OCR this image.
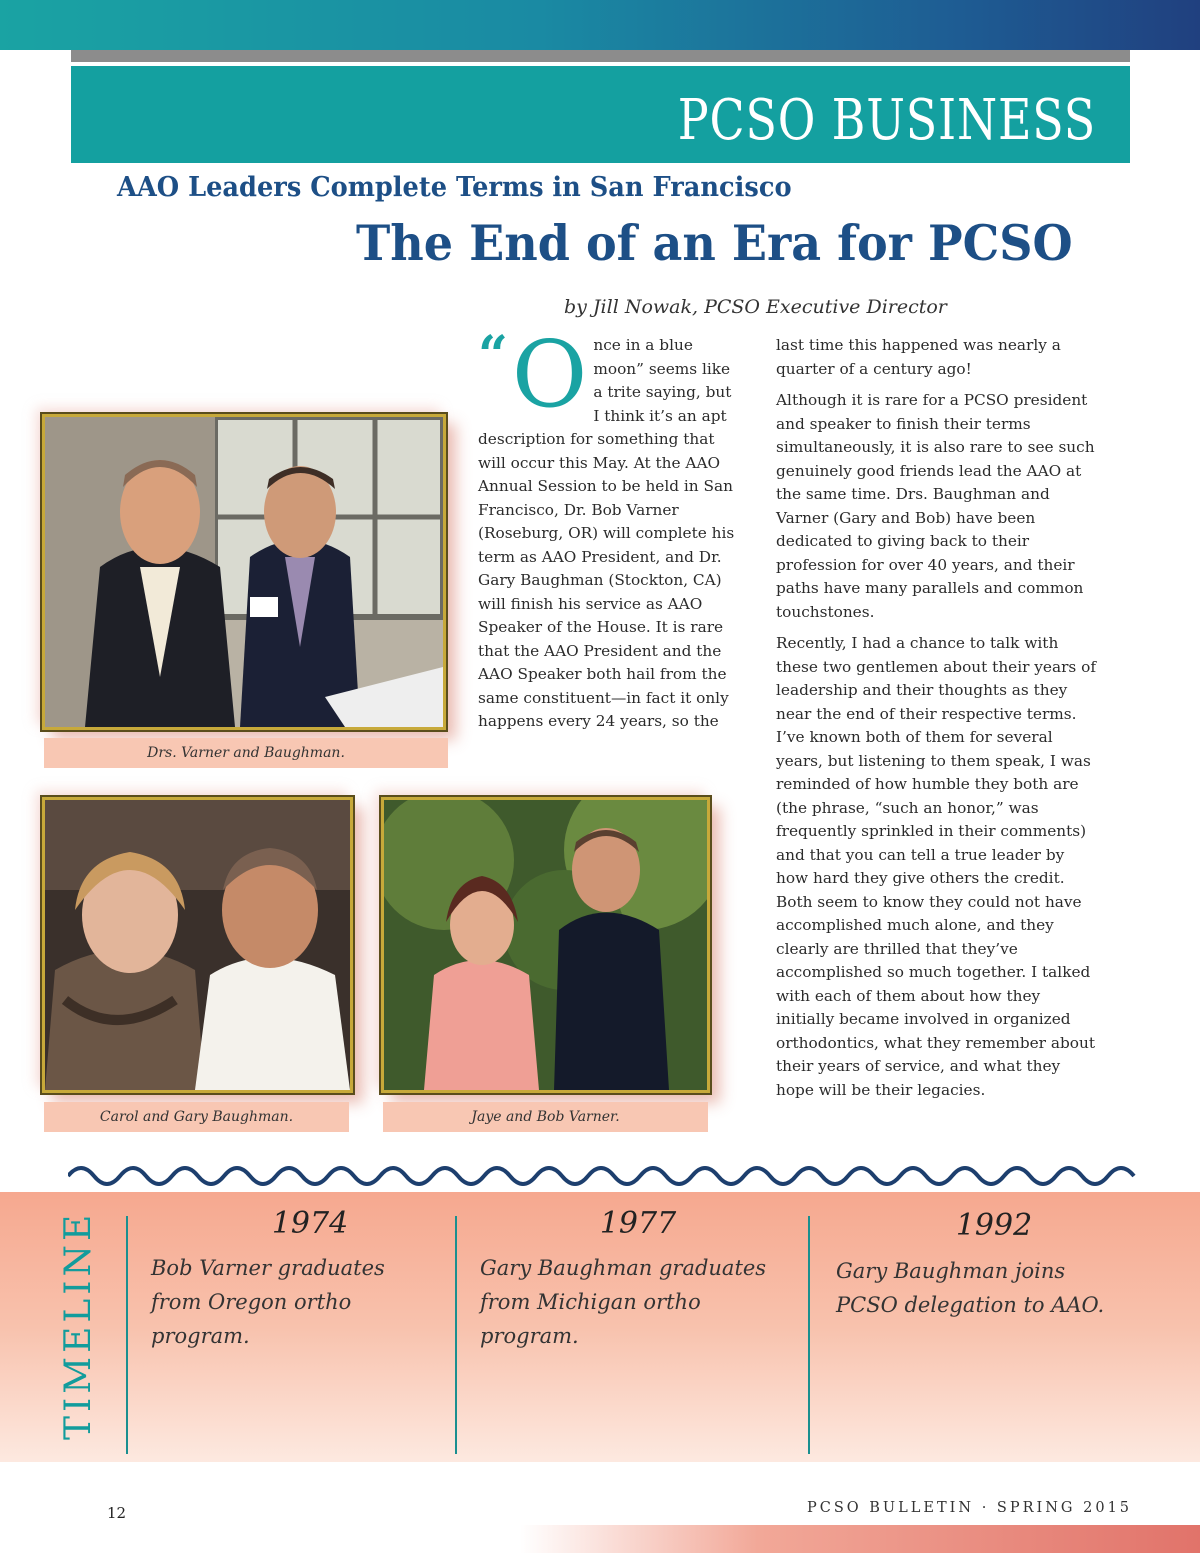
PCSO BUSINESS
AAO Leaders Complete Terms in San Francisco
The End of an Era for PCSO
by Jill Nowak, PCSO Executive Director
Drs. Varner and Baughman.
Carol and Gary Baughman.	Jaye and Bob Varner.
“ O nce in a blue moon” seems like a trite saying, but I think it’s an apt description for something that will occur this May. At the AAO Annual Session to be held in San Francisco, Dr. Bob Varner (Roseburg, OR) will complete his term as AAO President, and Dr. Gary Baughman (Stockton, CA) will finish his service as AAO Speaker of the House. It is rare that the AAO President and the AAO Speaker both hail from the same constituent—in fact it only happens every 24 years, so the

last time this happened was nearly a quarter of a century ago!

Although it is rare for a PCSO president and speaker to finish their terms simultaneously, it is also rare to see such genuinely good friends lead the AAO at the same time. Drs. Baughman and Varner (Gary and Bob) have been dedicated to giving back to their profession for over 40 years, and their paths have many parallels and common touchstones.

Recently, I had a chance to talk with these two gentlemen about their years of leadership and their thoughts as they near the end of their respective terms. I’ve known both of them for several years, but listening to them speak, I was reminded of how humble they both are (the phrase, “such an honor,” was frequently sprinkled in their comments) and that you can tell a true leader by how hard they give others the credit. Both seem to know they could not have accomplished much alone, and they clearly are thrilled that they’ve accomplished so much together. I talked with each of them about how they initially became involved in organized orthodontics, what they remember about their years of service, and what they hope will be their legacies.

TIMELINE	1974
Bob Varner graduates from Oregon ortho program.
1977
Gary Baughman graduates from Michigan ortho program.
1992
Gary Baughman joins PCSO delegation to AAO.
12	PCSO BULLETIN · SPRING 2015
